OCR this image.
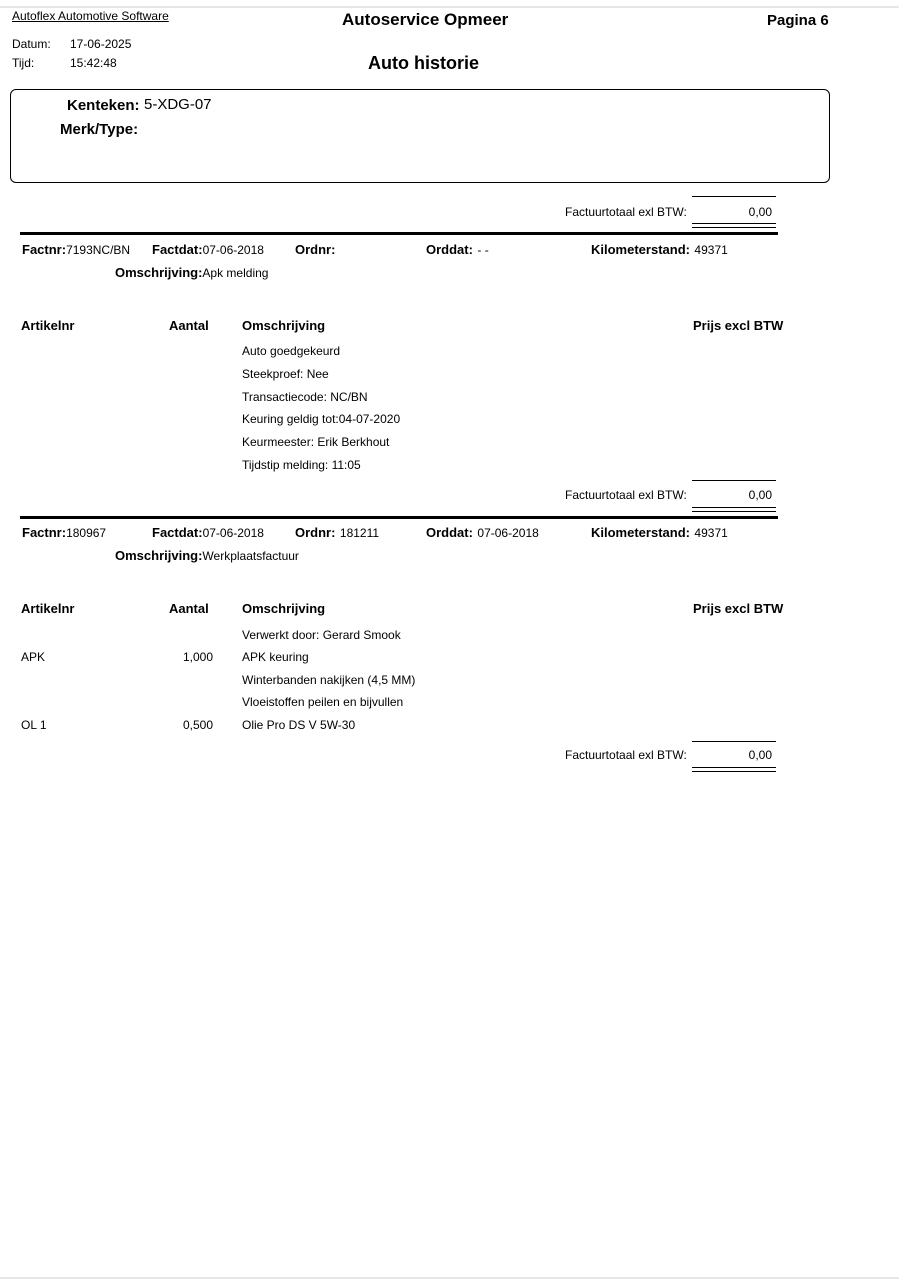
Autoflex Automotive Software	Autoservice Opmeer	Pagina 6
Datum: 17-06-2025
Tijd:	15:42:48	Auto historie
Kenteken: 5-XDG-07
Merk/Type:
Factuurtotaal exl BTW:	0,00
Factnr:7193NC/BN Factdat:07-06-2018 Ordnr:	Orddat: - -	Kilometerstand: 49371
Omschrijving:Apk melding
Artikelnr	Aantal	Omschrijving	Prijs excl BTW
Auto goedgekeurd
Steekproef: Nee
Transactiecode: NC/BN
Keuring geldig tot:04-07-2020
Keurmeester: Erik Berkhout
Tijdstip melding: 11:05
Factuurtotaal exl BTW:	0,00
Factnr:180967	Factdat:07-06-2018 Ordnr: 181211	Orddat: 07-06-2018	Kilometerstand: 49371
Omschrijving:Werkplaatsfactuur
Artikelnr	Aantal	Omschrijving	Prijs excl BTW
Verwerkt door: Gerard Smook
APK	1,000 APK keuring
Winterbanden nakijken (4,5 MM)
Vloeistoffen peilen en bijvullen
OL 1	0,500 Olie Pro DS V 5W-30
Factuurtotaal exl BTW:	0,00
